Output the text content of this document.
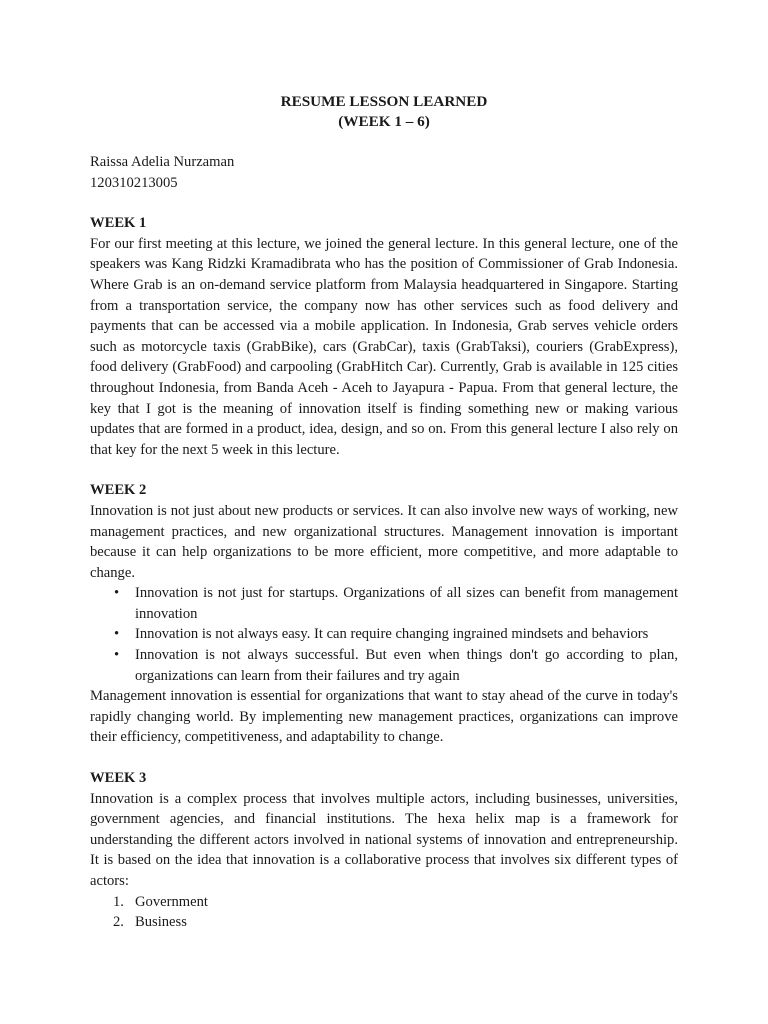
RESUME LESSON LEARNED
(WEEK 1 – 6)
Raissa Adelia Nurzaman
120310213005
WEEK 1
For our first meeting at this lecture, we joined the general lecture. In this general lecture, one of the speakers was Kang Ridzki Kramadibrata who has the position of Commissioner of Grab Indonesia. Where Grab is an on-demand service platform from Malaysia headquartered in Singapore. Starting from a transportation service, the company now has other services such as food delivery and payments that can be accessed via a mobile application. In Indonesia, Grab serves vehicle orders such as motorcycle taxis (GrabBike), cars (GrabCar), taxis (GrabTaksi), couriers (GrabExpress), food delivery (GrabFood) and carpooling (GrabHitch Car). Currently, Grab is available in 125 cities throughout Indonesia, from Banda Aceh - Aceh to Jayapura - Papua. From that general lecture, the key that I got is the meaning of innovation itself is finding something new or making various updates that are formed in a product, idea, design, and so on. From this general lecture I also rely on that key for the next 5 week in this lecture.
WEEK 2
Innovation is not just about new products or services. It can also involve new ways of working, new management practices, and new organizational structures. Management innovation is important because it can help organizations to be more efficient, more competitive, and more adaptable to change.
• Innovation is not just for startups. Organizations of all sizes can benefit from management innovation
• Innovation is not always easy. It can require changing ingrained mindsets and behaviors
• Innovation is not always successful. But even when things don't go according to plan, organizations can learn from their failures and try again
Management innovation is essential for organizations that want to stay ahead of the curve in today's rapidly changing world. By implementing new management practices, organizations can improve their efficiency, competitiveness, and adaptability to change.
WEEK 3
Innovation is a complex process that involves multiple actors, including businesses, universities, government agencies, and financial institutions. The hexa helix map is a framework for understanding the different actors involved in national systems of innovation and entrepreneurship. It is based on the idea that innovation is a collaborative process that involves six different types of actors:
1. Government
2. Business
